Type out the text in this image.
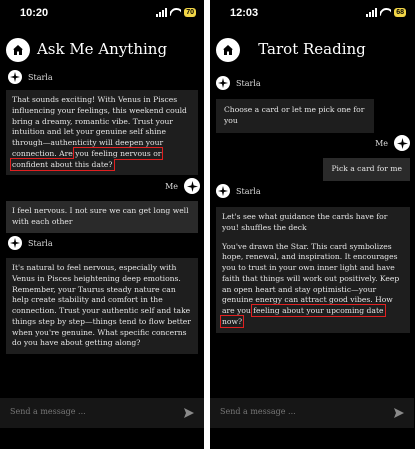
10:20	70
Ask Me Anything
Starla
That sounds exciting! With Venus in Pisces influencing your feelings, this weekend could bring a dreamy, romantic vibe. Trust your intuition and let your genuine self shine through—authenticity will deepen your connection. Are you feeling nervous or confident about this date?
Me
I feel nervous. I not sure we can get long well with each other
Starla
It's natural to feel nervous, especially with Venus in Pisces heightening deep emotions. Remember, your Taurus steady nature can help create stability and comfort in the connection. Trust your authentic self and take things step by step—things tend to flow better when you're genuine. What specific concerns do you have about getting along?
Send a message ...
12:03	68
Tarot Reading
Starla
Choose a card or let me pick one for you
Me
Pick a card for me
Starla
Let's see what guidance the cards have for you! shuffles the deck
You've drawn the Star. This card symbolizes hope, renewal, and inspiration. It encourages you to trust in your own inner light and have faith that things will work out positively. Keep an open heart and stay optimistic—your genuine energy can attract good vibes. How are you feeling about your upcoming date now?
Send a message ...
